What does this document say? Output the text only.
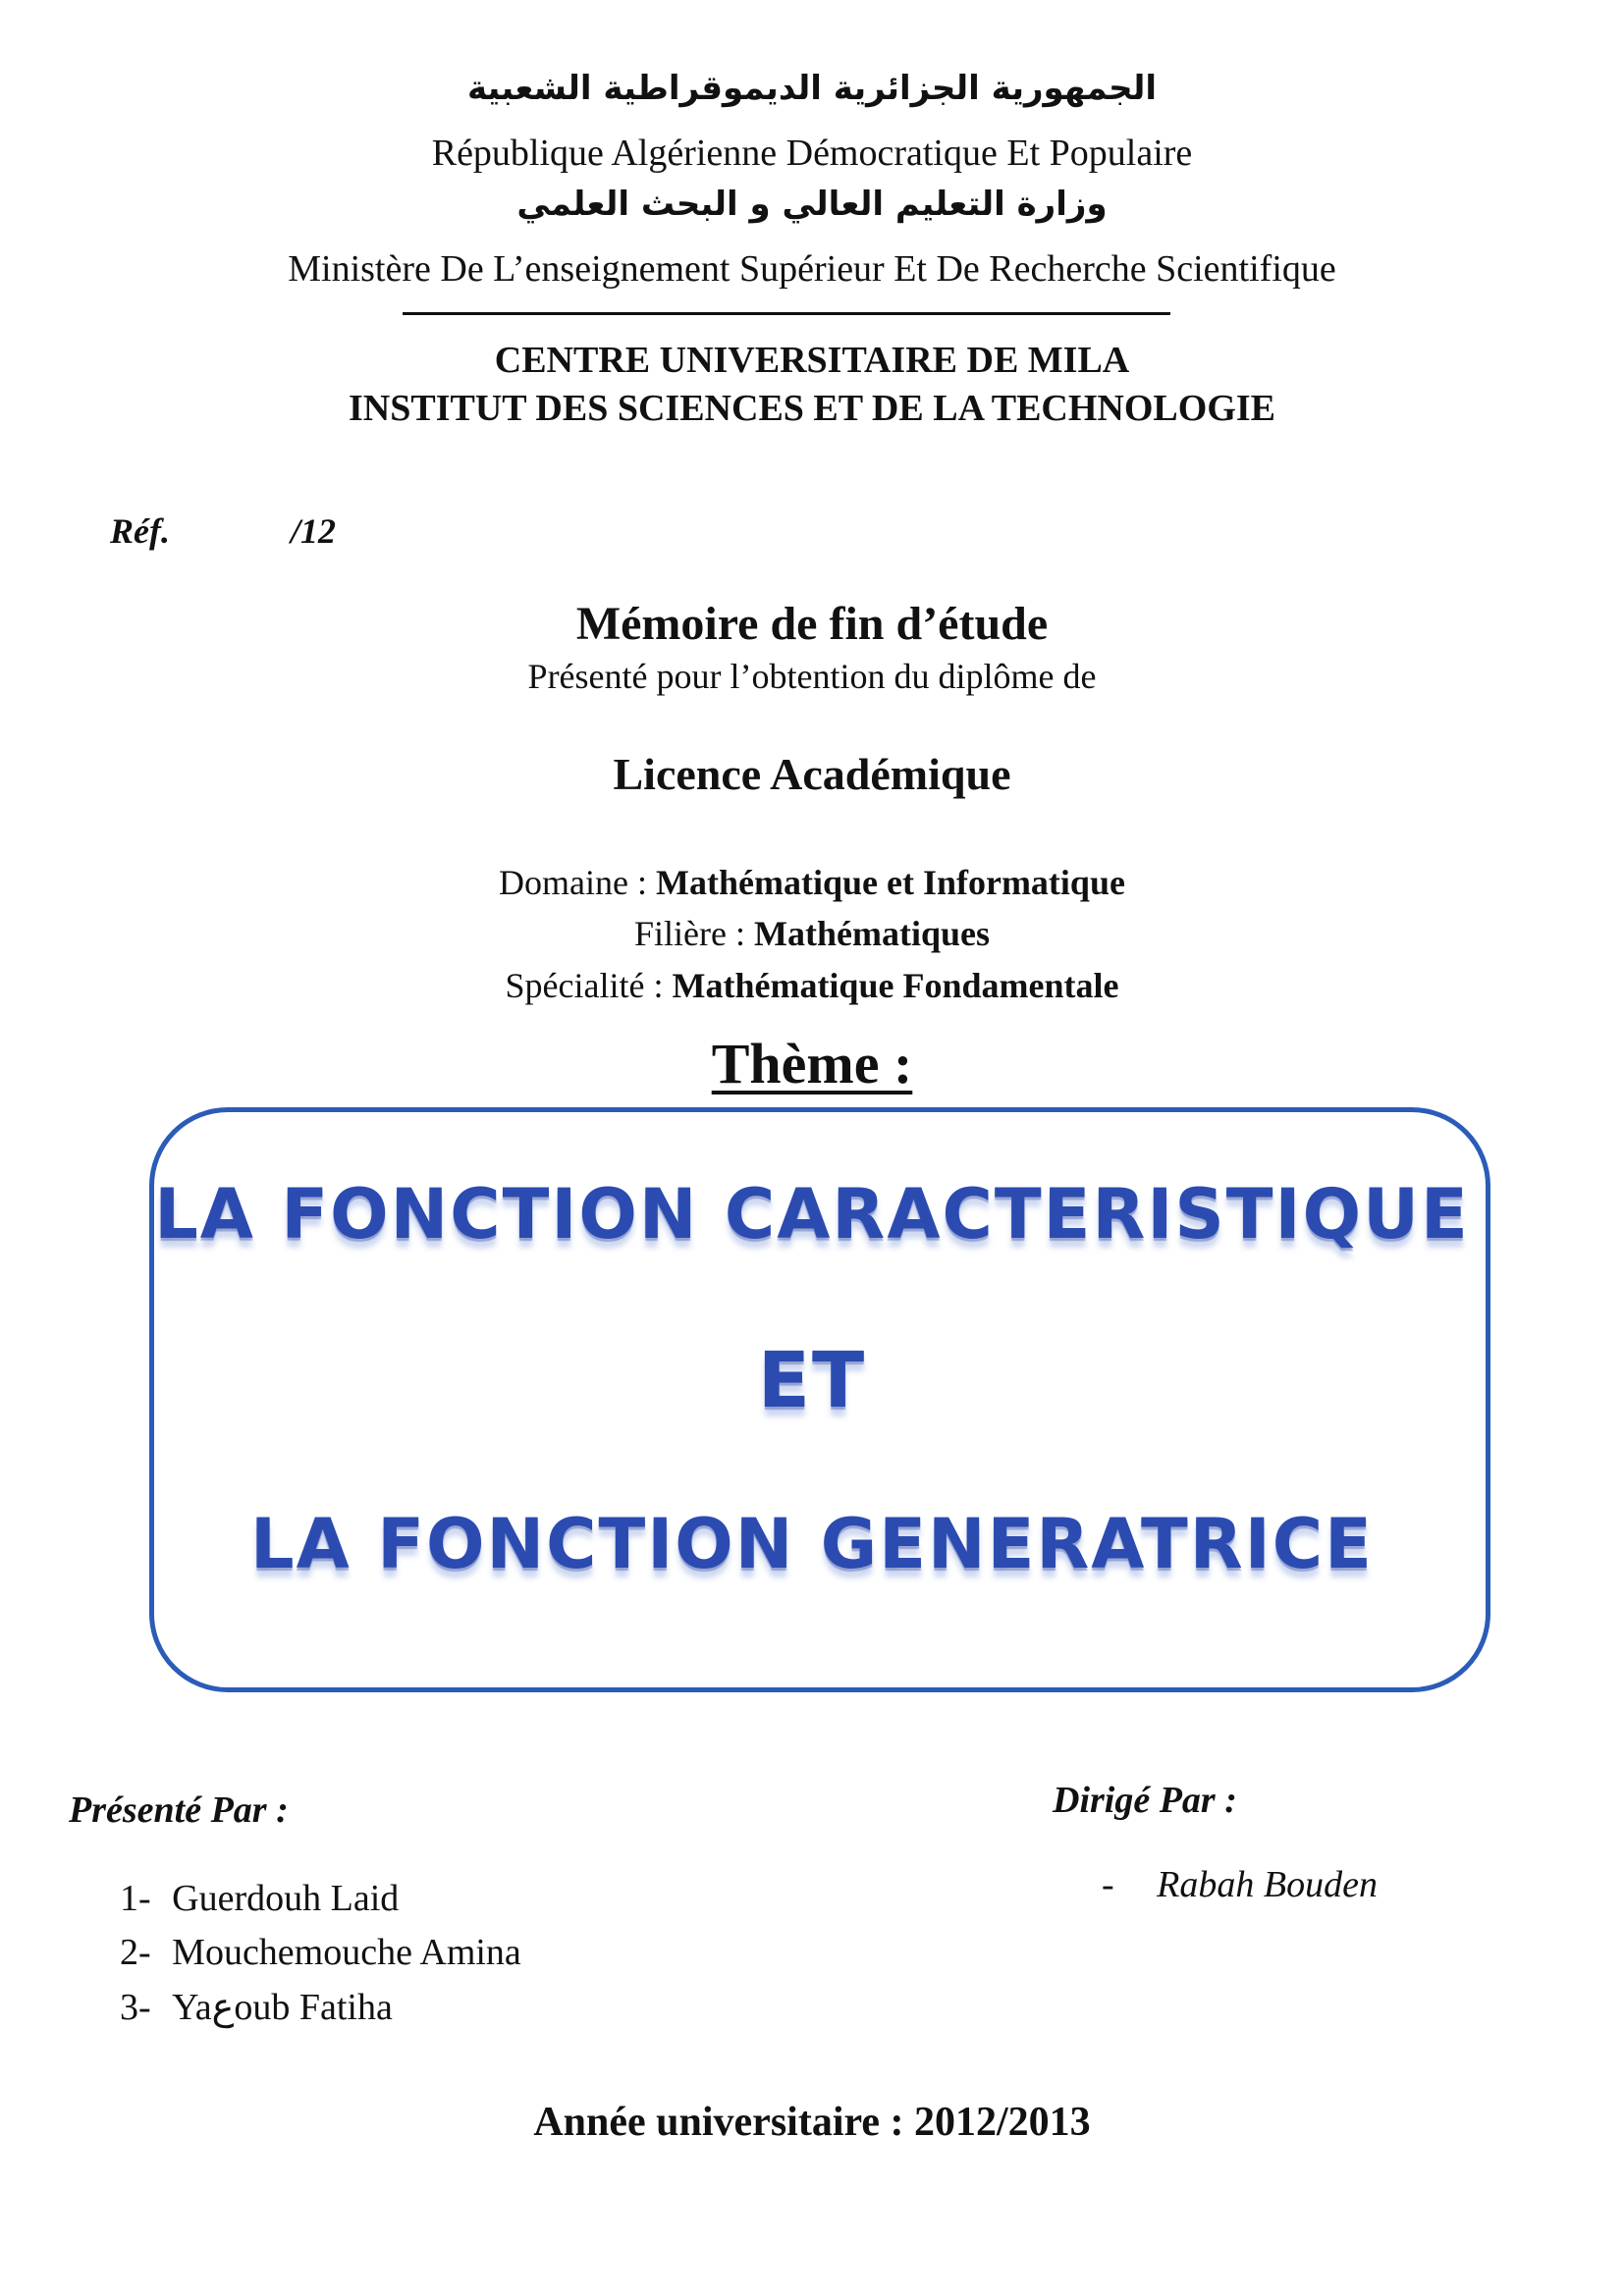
الجمهورية الجزائرية الديموقراطية الشعبية
République Algérienne Démocratique Et Populaire
وزارة التعليم العالي و البحث العلمي
Ministère De L’enseignement Supérieur Et De Recherche Scientifique
CENTRE UNIVERSITAIRE DE MILA
INSTITUT DES SCIENCES ET DE LA TECHNOLOGIE
Réf.	/12
Mémoire de fin d’étude
Présenté pour l’obtention du diplôme de
Licence Académique
Domaine : Mathématique et Informatique
Filière : Mathématiques
Spécialité : Mathématique Fondamentale
Thème :
LA FONCTION CARACTERISTIQUE
ET
LA FONCTION GENERATRICE
Présenté Par :
1- Guerdouh Laid
2- Mouchemouche Amina
3- Yaعoub Fatiha
Dirigé Par :
- Rabah Bouden
Année universitaire : 2012/2013
